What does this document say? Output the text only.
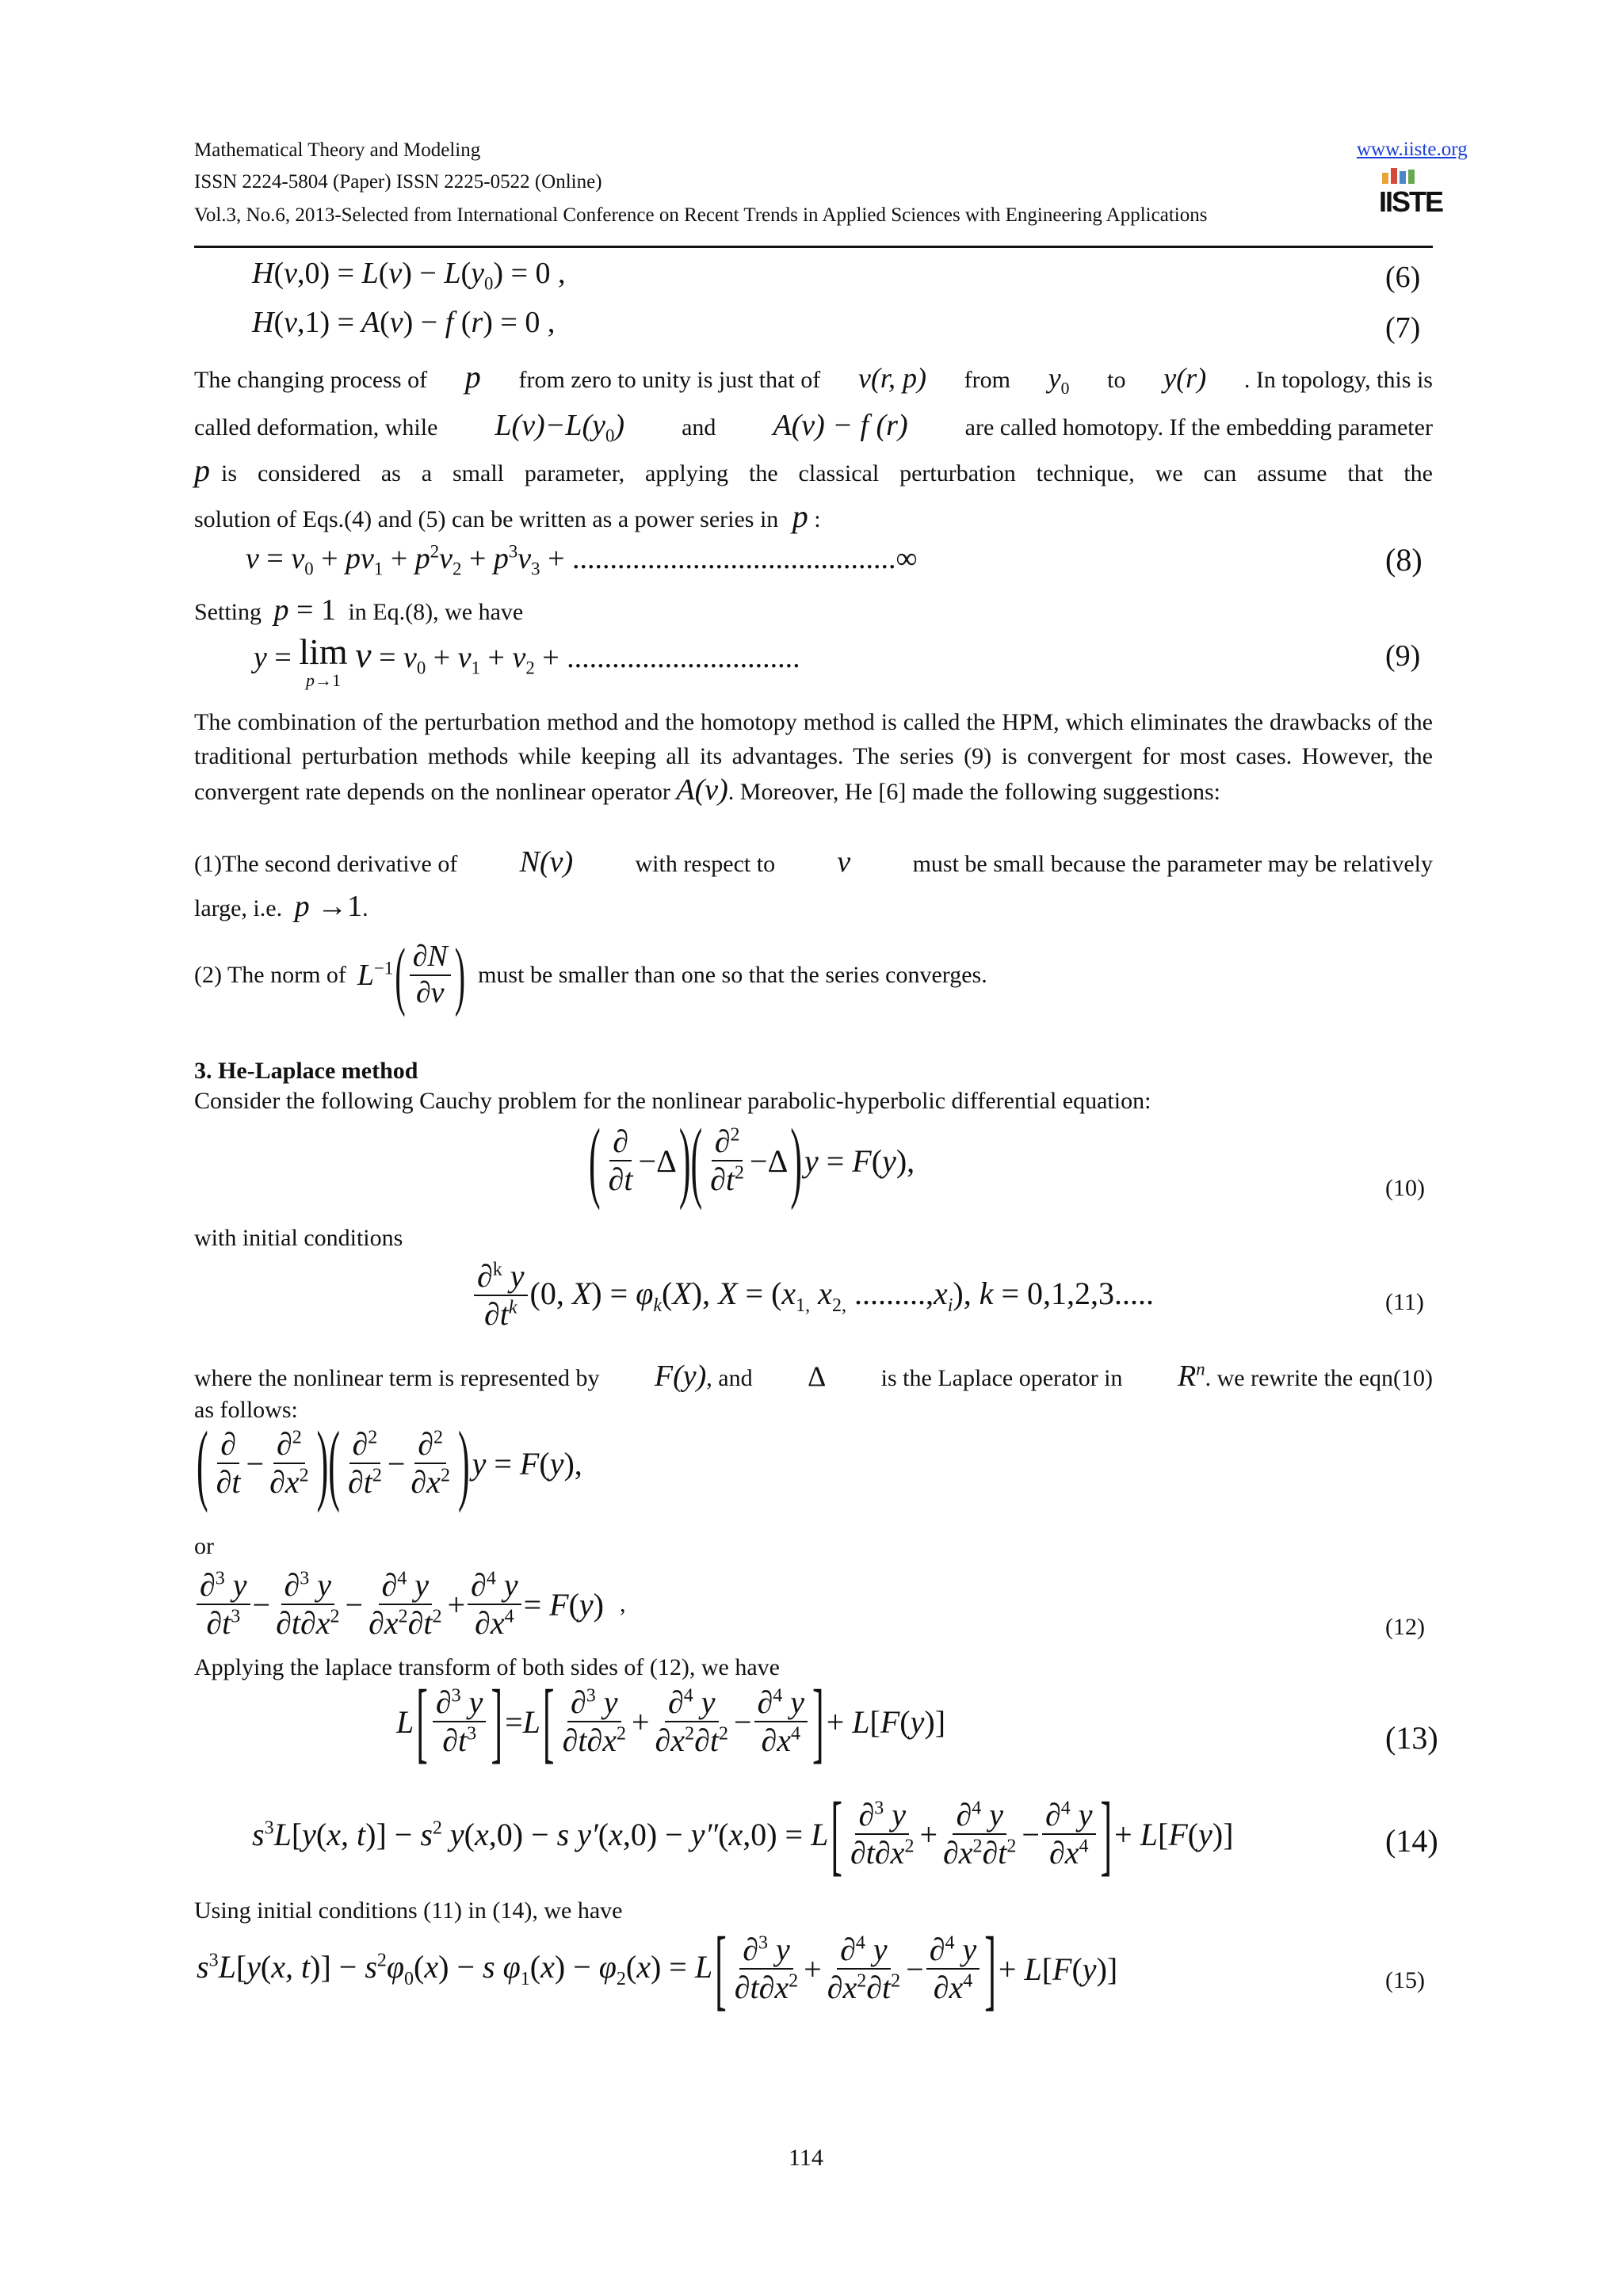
Mathematical Theory and Modeling	www.iiste.org
ISSN 2224-5804 (Paper) ISSN 2225-0522 (Online)
Vol.3, No.6, 2013-Selected from International Conference on Recent Trends in Applied Sciences with Engineering Applications	IISTE
$H(v,0) = L(v) - L(y_0) = 0$ ,	(6)
H(v,1) = A(v) − f (r) = 0 ,	(7)
The changing process of p from zero to unity is just that of v(r, p) from $y_0$ to y(r) . In topology, this is
called deformation, while $L(v)-L(y_0)$ and A(v) − f (r) are called homotopy. If the embedding parameter
p is considered as a small parameter, applying the classical perturbation technique, we can assume that the
solution of Eqs.(4) and (5) can be written as a power series in p :
$v = v_0 + pv_1 + p^2v_2 + p^3v_3$ + ...........................................∞	(8)
Setting p = 1 in Eq.(8), we have
y = lim
p→1
$v = v_0 + v_1 + v_2$ + ...............................	(9)
The combination of the perturbation method and the homotopy method is called the HPM, which eliminates the drawbacks of the traditional perturbation methods while keeping all its advantages. The series (9) is convergent for most cases. However, the convergent rate depends on the nonlinear operator A(v). Moreover, He [6] made the following suggestions:
(1)The second derivative of N(v)	with respect to v	must be small because the parameter may be relatively
large, i.e. p →1.
(2) The norm of $L^{-1}$ ( ∂N
∂v ) must be smaller than one so that the series converges.
3. He-Laplace method
Consider the following Cauchy problem for the nonlinear parabolic-hyperbolic differential equation:
( ∂
∂t
−Δ )( ∂$^2$
$\partial t^2 -\Delta$ ) y = F(y),
(10)
with initial conditions
∂$^k$ y
$\partial t^k$ (0, $X) = \varphi_k(X)$, $X = (x_{1,}$ $x_{2,}$ $.........,x_i$), k = 0,1,2,3.....	(11)
where the nonlinear term is represented by F(y) , and Δ is the Laplace operator in $R^n$ . we rewrite the eqn(10)
as follows:
( ∂
∂t
− $\frac{\partial^2}{\partial x^2}$ )( ∂$^2$
$\partial t^2 - \frac{\partial^2}{\partial x^2}$ ) y = F(y),
or
∂$^3$ y
$\partial t^3 - \frac{\partial^3 y}{\partial t\partial x^2} - \frac{\partial^4 y}{\partial x^2\partial t^2} + \frac{\partial^4 y}{\partial x^4} = F(y)$ ,
(12)
Applying the laplace transform of both sides of (12), we have
L [ ∂$^3$ y
$\partial t^3$ ] = L [ ∂$^3$ y
$\partial t\partial x^2 + \frac{\partial^4 y}{\partial x^2\partial t^2} - \frac{\partial^4 y}{\partial x^4}$ ] + L[F(y)]	(13)
$s^3L[y(x$, $t)] - s^2$ y(x,0) − s y′(x,0) − y″(x,0) = L [ ∂$^3$ y
$\partial t\partial x^2 + \frac{\partial^4 y}{\partial x^2\partial t^2} - \frac{\partial^4 y}{\partial x^4}$ ] + L[F(y)]	(14)
Using initial conditions (11) in (14), we have
$s^3L[y(x$, $t)] - s^2\varphi_0(x) - s$ $\varphi_1(x) - \varphi_2(x) = L$ [ ∂$^3$ y
$\partial t\partial x^2 + \frac{\partial^4 y}{\partial x^2\partial t^2} - \frac{\partial^4 y}{\partial x^4}$ ] + L[F(y)]	(15)
114
